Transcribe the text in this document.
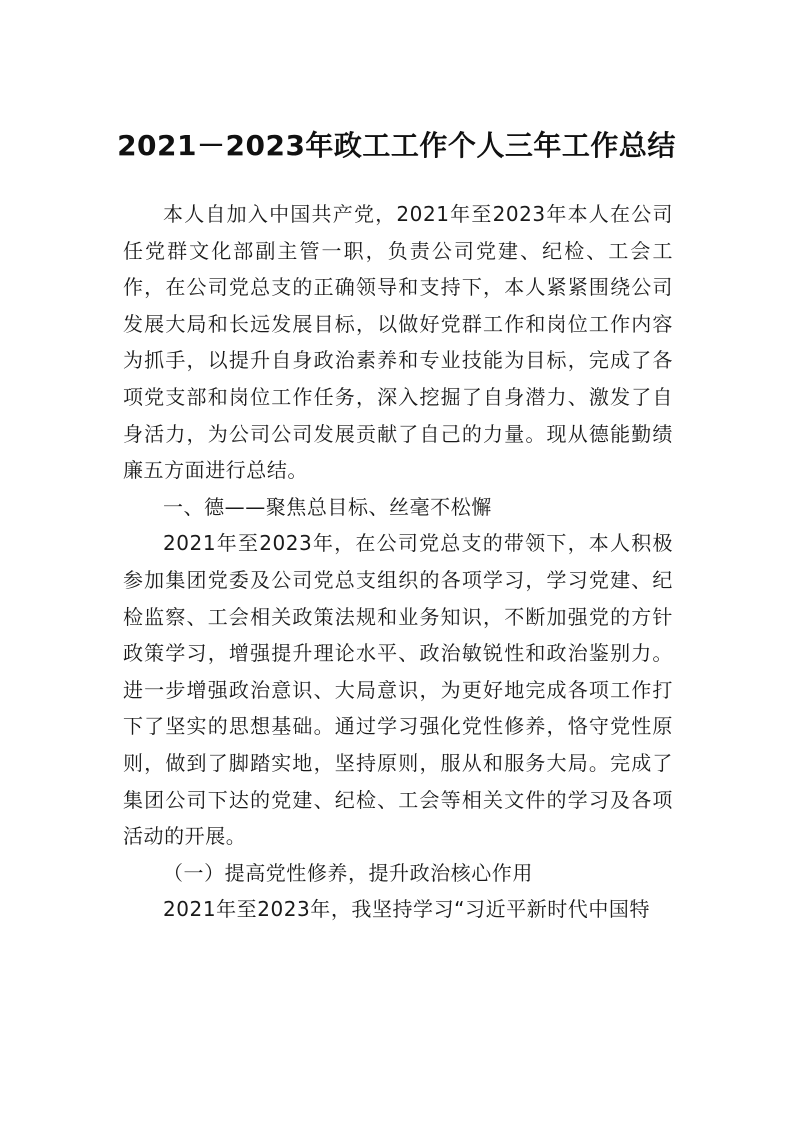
2021－2023年政工工作个人三年工作总结

本人自加入中国共产党，2021年至2023年本人在公司任党群文化部副主管一职，负责公司党建、纪检、工会工作，在公司党总支的正确领导和支持下，本人紧紧围绕公司发展大局和长远发展目标，以做好党群工作和岗位工作内容为抓手，以提升自身政治素养和专业技能为目标，完成了各项党支部和岗位工作任务，深入挖掘了自身潜力、激发了自身活力，为公司公司发展贡献了自己的力量。现从德能勤绩廉五方面进行总结。

一、德——聚焦总目标、丝毫不松懈

2021年至2023年，在公司党总支的带领下，本人积极参加集团党委及公司党总支组织的各项学习，学习党建、纪检监察、工会相关政策法规和业务知识，不断加强党的方针政策学习，增强提升理论水平、政治敏锐性和政治鉴别力。进一步增强政治意识、大局意识，为更好地完成各项工作打下了坚实的思想基础。通过学习强化党性修养，恪守党性原则，做到了脚踏实地，坚持原则，服从和服务大局。完成了集团公司下达的党建、纪检、工会等相关文件的学习及各项活动的开展。

（一）提高党性修养，提升政治核心作用

2021年至2023年，我坚持学习“习近平新时代中国特
